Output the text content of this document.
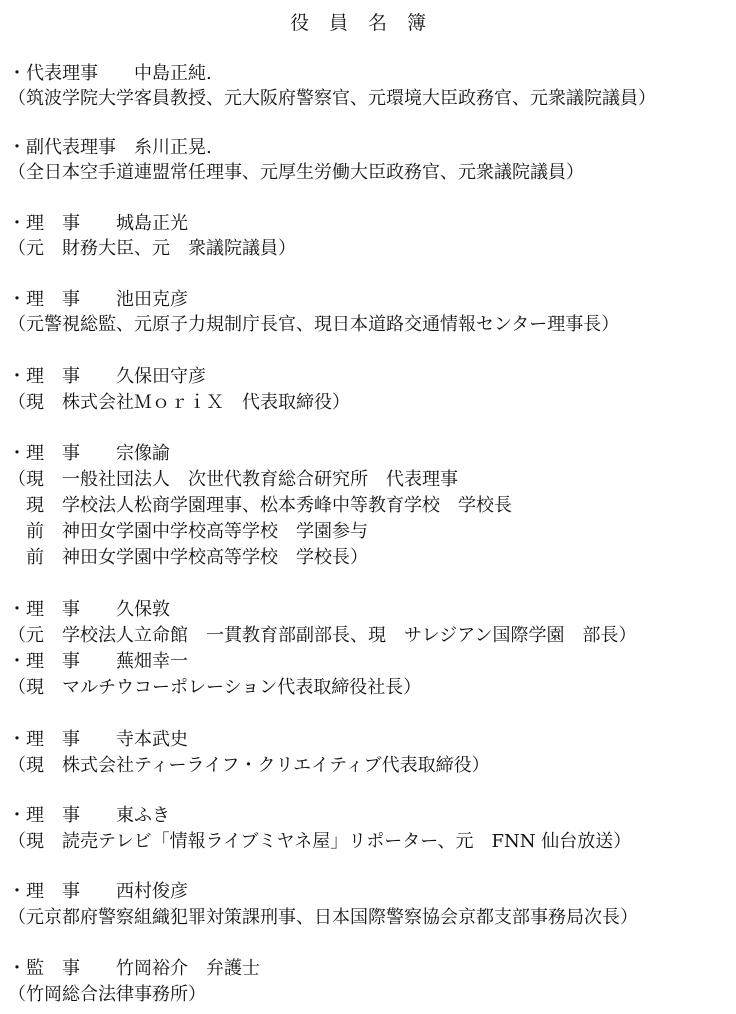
役員名簿
・代表理事　　中島正純.
（筑波学院大学客員教授、元大阪府警察官、元環境大臣政務官、元衆議院議員）
・副代表理事　糸川正晃.
（全日本空手道連盟常任理事、元厚生労働大臣政務官、元衆議院議員）
・理　事　　城島正光
（元　財務大臣、元　衆議院議員）
・理　事　　池田克彦
（元警視総監、元原子力規制庁長官、現日本道路交通情報センター理事長）
・理　事　　久保田守彦
（現　株式会社ＭｏｒｉＸ　代表取締役）
・理　事　　宗像諭
（現　一般社団法人　次世代教育総合研究所　代表理事
　現　学校法人松商学園理事、松本秀峰中等教育学校　学校長
　前　神田女学園中学校高等学校　学園参与
　前　神田女学園中学校高等学校　学校長）
・理　事　　久保敦
（元　学校法人立命館　一貫教育部副部長、現　サレジアン国際学園　部長）
・理　事　　蕪畑幸一
（現　マルチウコーポレーション代表取締役社長）
・理　事　　寺本武史
（現　株式会社ティーライフ・クリエイティブ代表取締役）
・理　事　　東ふき
（現　読売テレビ「情報ライブミヤネ屋」リポーター、元　FNN 仙台放送）
・理　事　　西村俊彦
（元京都府警察組織犯罪対策課刑事、日本国際警察協会京都支部事務局次長）
・監　事　　竹岡裕介　弁護士
（竹岡総合法律事務所）
